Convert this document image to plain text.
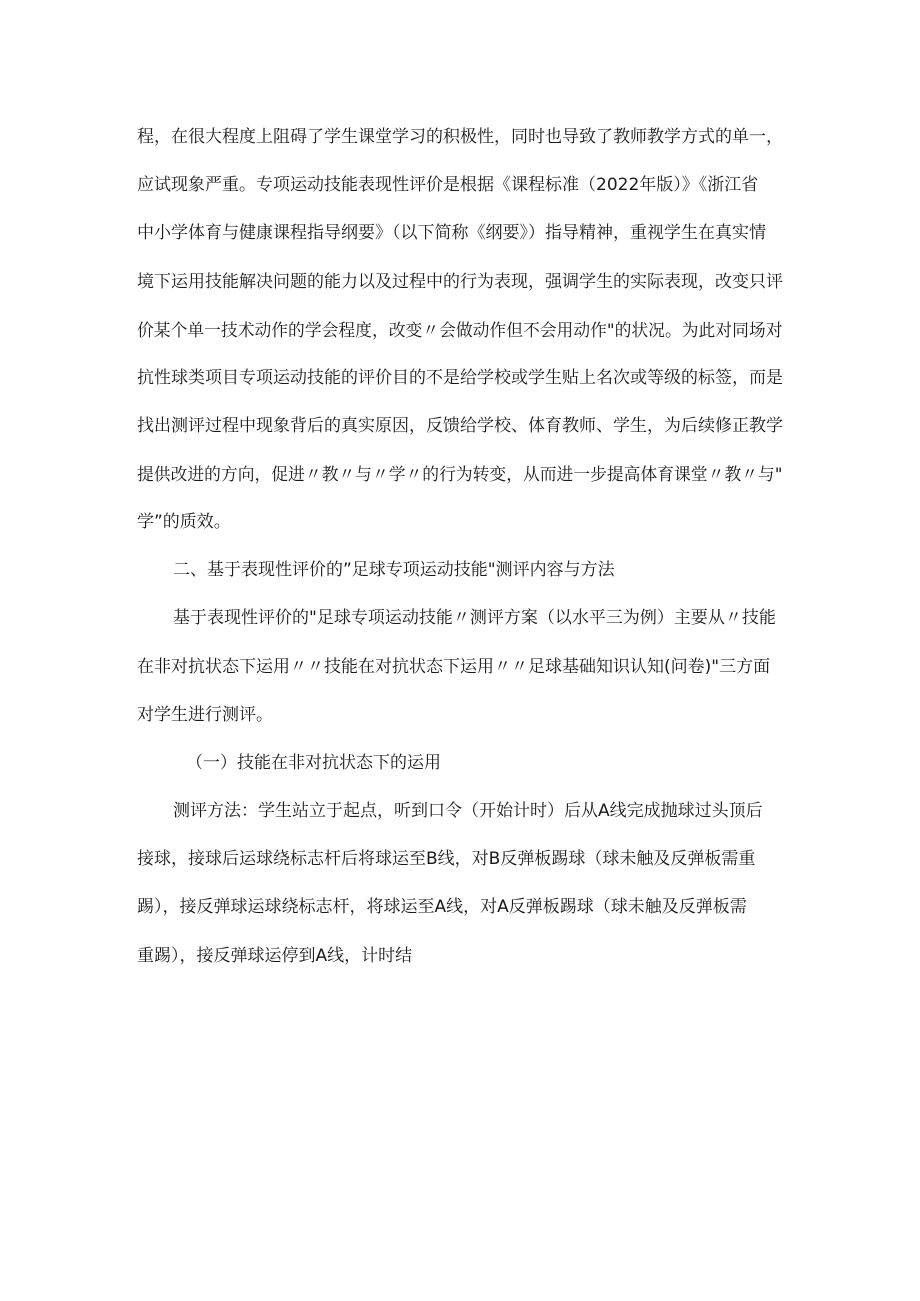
程，在很大程度上阻碍了学生课堂学习的积极性，同时也导致了教师教学方式的单一，
应试现象严重。专项运动技能表现性评价是根据《课程标准（2022年版）》《浙江省
中小学体育与健康课程指导纲要》（以下简称《纲要》）指导精神，重视学生在真实情
境下运用技能解决问题的能力以及过程中的行为表现，强调学生的实际表现，改变只评
价某个单一技术动作的学会程度，改变〃会做动作但不会用动作"的状况。为此对同场对
抗性球类项目专项运动技能的评价目的不是给学校或学生贴上名次或等级的标签，而是
找出测评过程中现象背后的真实原因，反馈给学校、体育教师、学生，为后续修正教学
提供改进的方向，促进〃教〃与〃学〃的行为转变，从而进一步提高体育课堂〃教〃与"
学”的质效。
二、基于表现性评价的”足球专项运动技能"测评内容与方法
基于表现性评价的"足球专项运动技能〃测评方案（以水平三为例）主要从〃技能
在非对抗状态下运用〃〃技能在对抗状态下运用〃〃足球基础知识认知(问卷)"三方面
对学生进行测评。
（一）技能在非对抗状态下的运用
测评方法：学生站立于起点，听到口令（开始计时）后从A线完成抛球过头顶后
接球，接球后运球绕标志杆后将球运至B线，对B反弹板踢球（球未触及反弹板需重
踢），接反弹球运球绕标志杆，将球运至A线，对A反弹板踢球（球未触及反弹板需
重踢），接反弹球运停到A线，计时结
